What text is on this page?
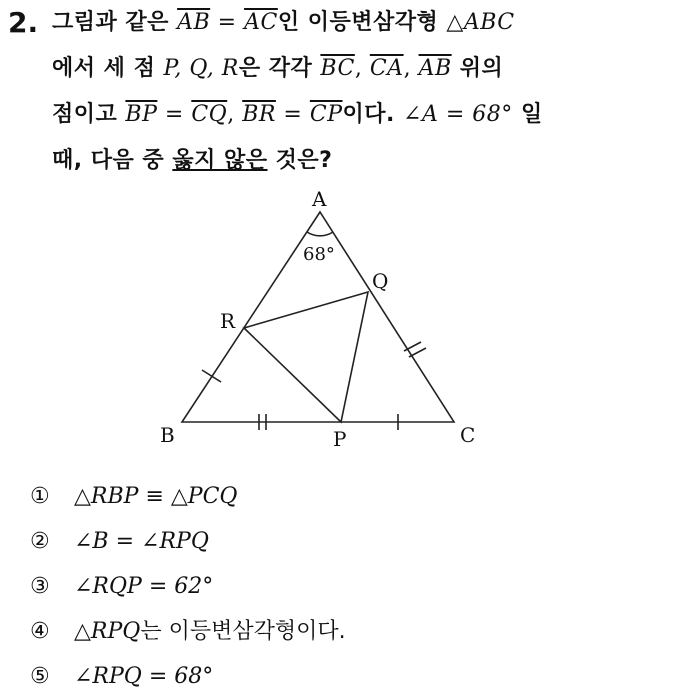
2. 그림과 같은 $\overline{AB} = \overline{AC}$인 이등변삼각형 △ABC
에서 세 점 P, Q, R은 각각 $\overline{BC}$, $\overline{CA}$, $\overline{AB}$ 위의
점이고 $\overline{BP} = \overline{CQ}$, $\overline{BR} = \overline{CP}$이다. ∠A = 68° 일
때, 다음 중 옳지 않은 것은?
A
B	C
P
Q
R
68°
①	△RBP ≡ △PCQ
②	∠B = ∠RPQ
③	∠RQP = 62°
④	△RPQ는 이등변삼각형이다.
⑤	∠RPQ = 68°
